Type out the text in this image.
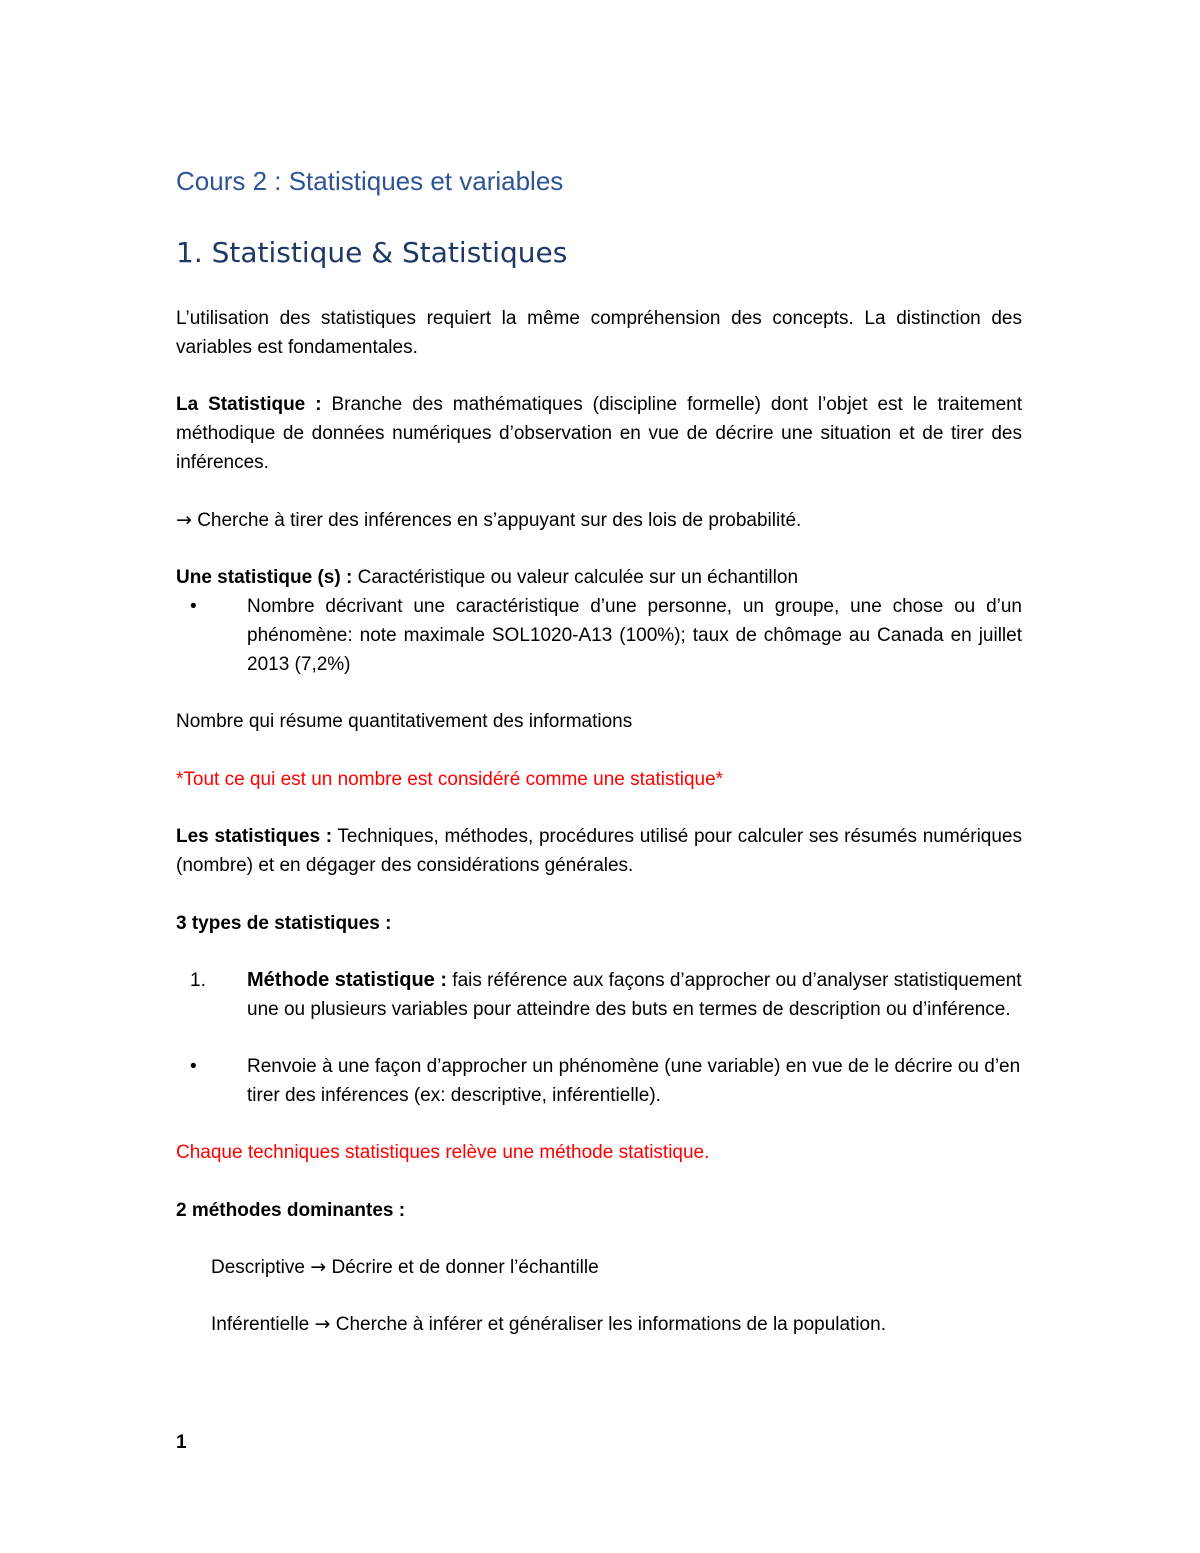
Cours 2 : Statistiques et variables
1. Statistique & Statistiques

L’utilisation des statistiques requiert la même compréhension des concepts. La distinction des variables est fondamentales.

La Statistique : Branche des mathématiques (discipline formelle) dont l’objet est le traitement méthodique de données numériques d’observation en vue de décrire une situation et de tirer des inférences.

→ Cherche à tirer des inférences en s’appuyant sur des lois de probabilité.

Une statistique (s) : Caractéristique ou valeur calculée sur un échantillon

•	Nombre décrivant une caractéristique d’une personne, un groupe, une chose ou d’un phénomène: note maximale SOL1020-A13 (100%); taux de chômage au Canada en juillet 2013 (7,2%)

Nombre qui résume quantitativement des informations

*Tout ce qui est un nombre est considéré comme une statistique*

Les statistiques : Techniques, méthodes, procédures utilisé pour calculer ses résumés numériques (nombre) et en dégager des considérations générales.

3 types de statistiques :

1.	Méthode statistique : fais référence aux façons d’approcher ou d’analyser statistiquement une ou plusieurs variables pour atteindre des buts en termes de description ou d’inférence.
•	Renvoie à une façon d’approcher un phénomène (une variable) en vue de le décrire ou d’en tirer des inférences (ex: descriptive, inférentielle).

Chaque techniques statistiques relève une méthode statistique.

2 méthodes dominantes :

Descriptive → Décrire et de donner l’échantille

Inférentielle → Cherche à inférer et généraliser les informations de la population.

1
